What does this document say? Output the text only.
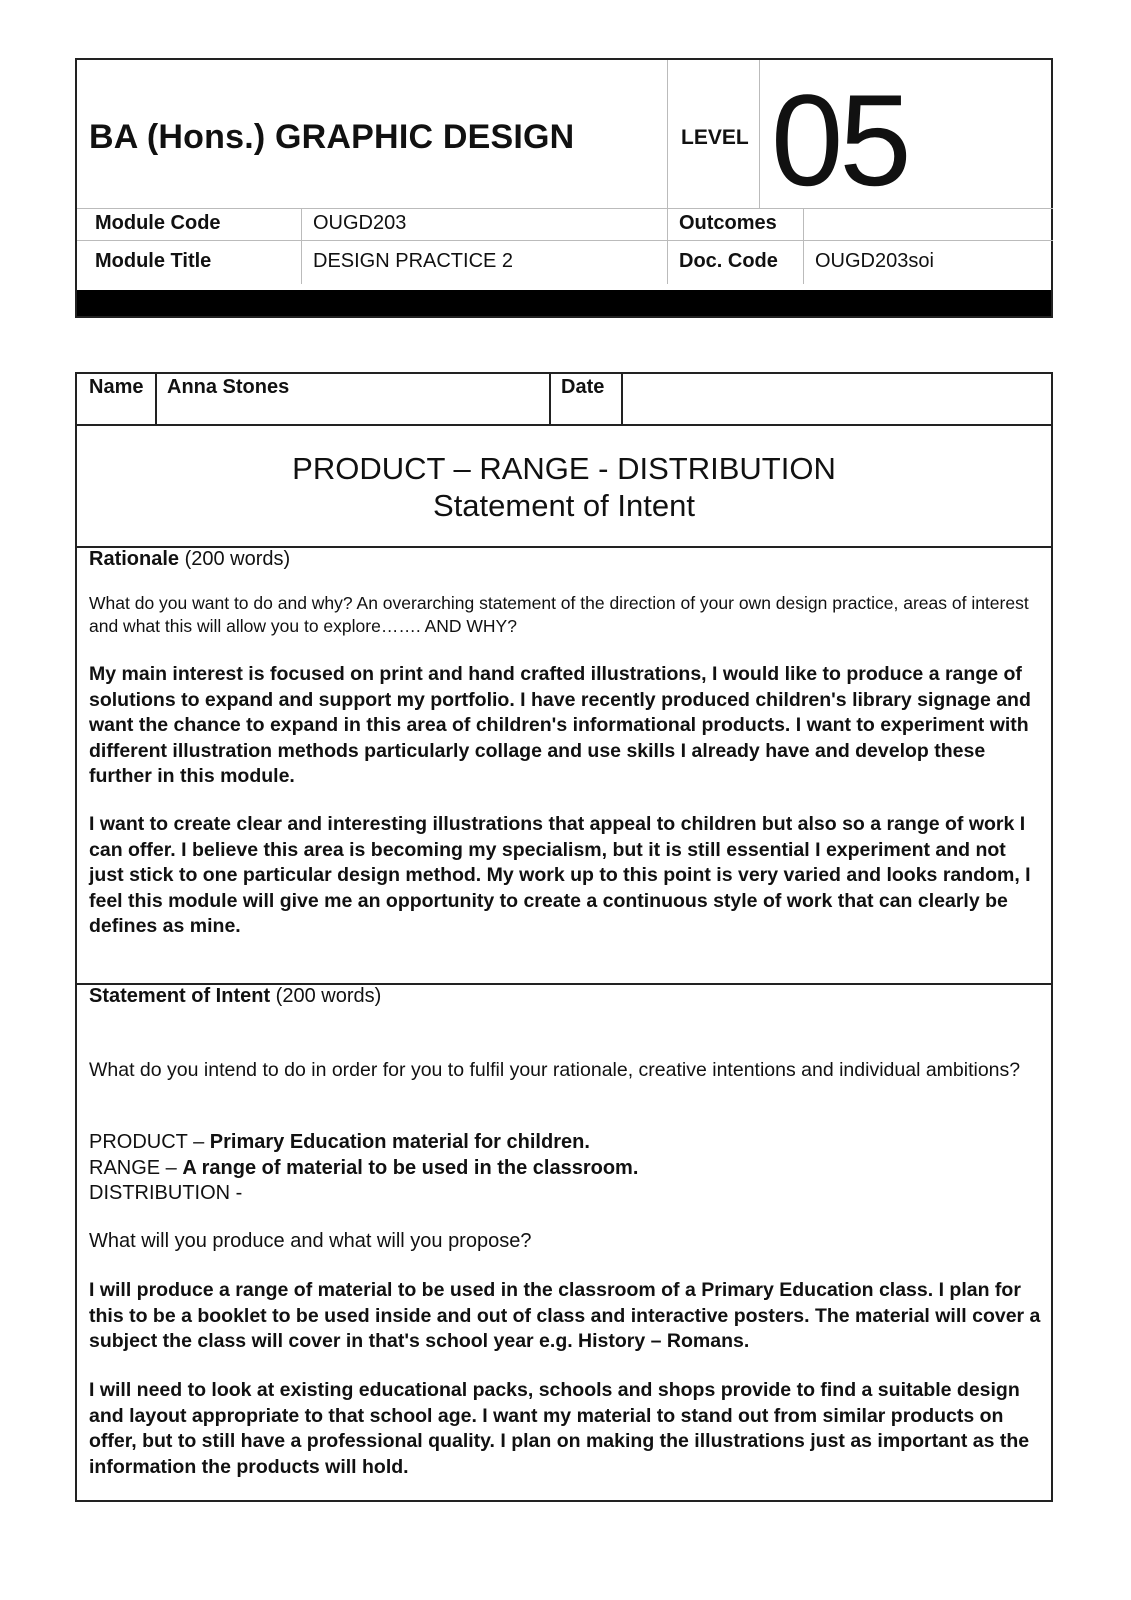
BA (Hons.) GRAPHIC DESIGN	LEVEL 05
Module Code	OUGD203	Outcomes
Module Title	DESIGN PRACTICE 2	Doc. Code OUGD203soi
Name Anna Stones	Date
PRODUCT – RANGE - DISTRIBUTION
Statement of Intent
Rationale (200 words)
What do you want to do and why? An overarching statement of the direction of your own design practice, areas of interest and what this will allow you to explore……. AND WHY?
My main interest is focused on print and hand crafted illustrations, I would like to produce a range of solutions to expand and support my portfolio. I have recently produced children's library signage and want the chance to expand in this area of children's informational products. I want to experiment with different illustration methods particularly collage and use skills I already have and develop these further in this module.
I want to create clear and interesting illustrations that appeal to children but also so a range of work I can offer. I believe this area is becoming my specialism, but it is still essential I experiment and not just stick to one particular design method. My work up to this point is very varied and looks random, I feel this module will give me an opportunity to create a continuous style of work that can clearly be defines as mine.
Statement of Intent (200 words)
What do you intend to do in order for you to fulfil your rationale, creative intentions and individual ambitions?
PRODUCT – Primary Education material for children.
RANGE – A range of material to be used in the classroom.
DISTRIBUTION -
What will you produce and what will you propose?
I will produce a range of material to be used in the classroom of a Primary Education class. I plan for this to be a booklet to be used inside and out of class and interactive posters. The material will cover a subject the class will cover in that's school year e.g. History – Romans.
I will need to look at existing educational packs, schools and shops provide to find a suitable design and layout appropriate to that school age. I want my material to stand out from similar products on offer, but to still have a professional quality. I plan on making the illustrations just as important as the information the products will hold.
